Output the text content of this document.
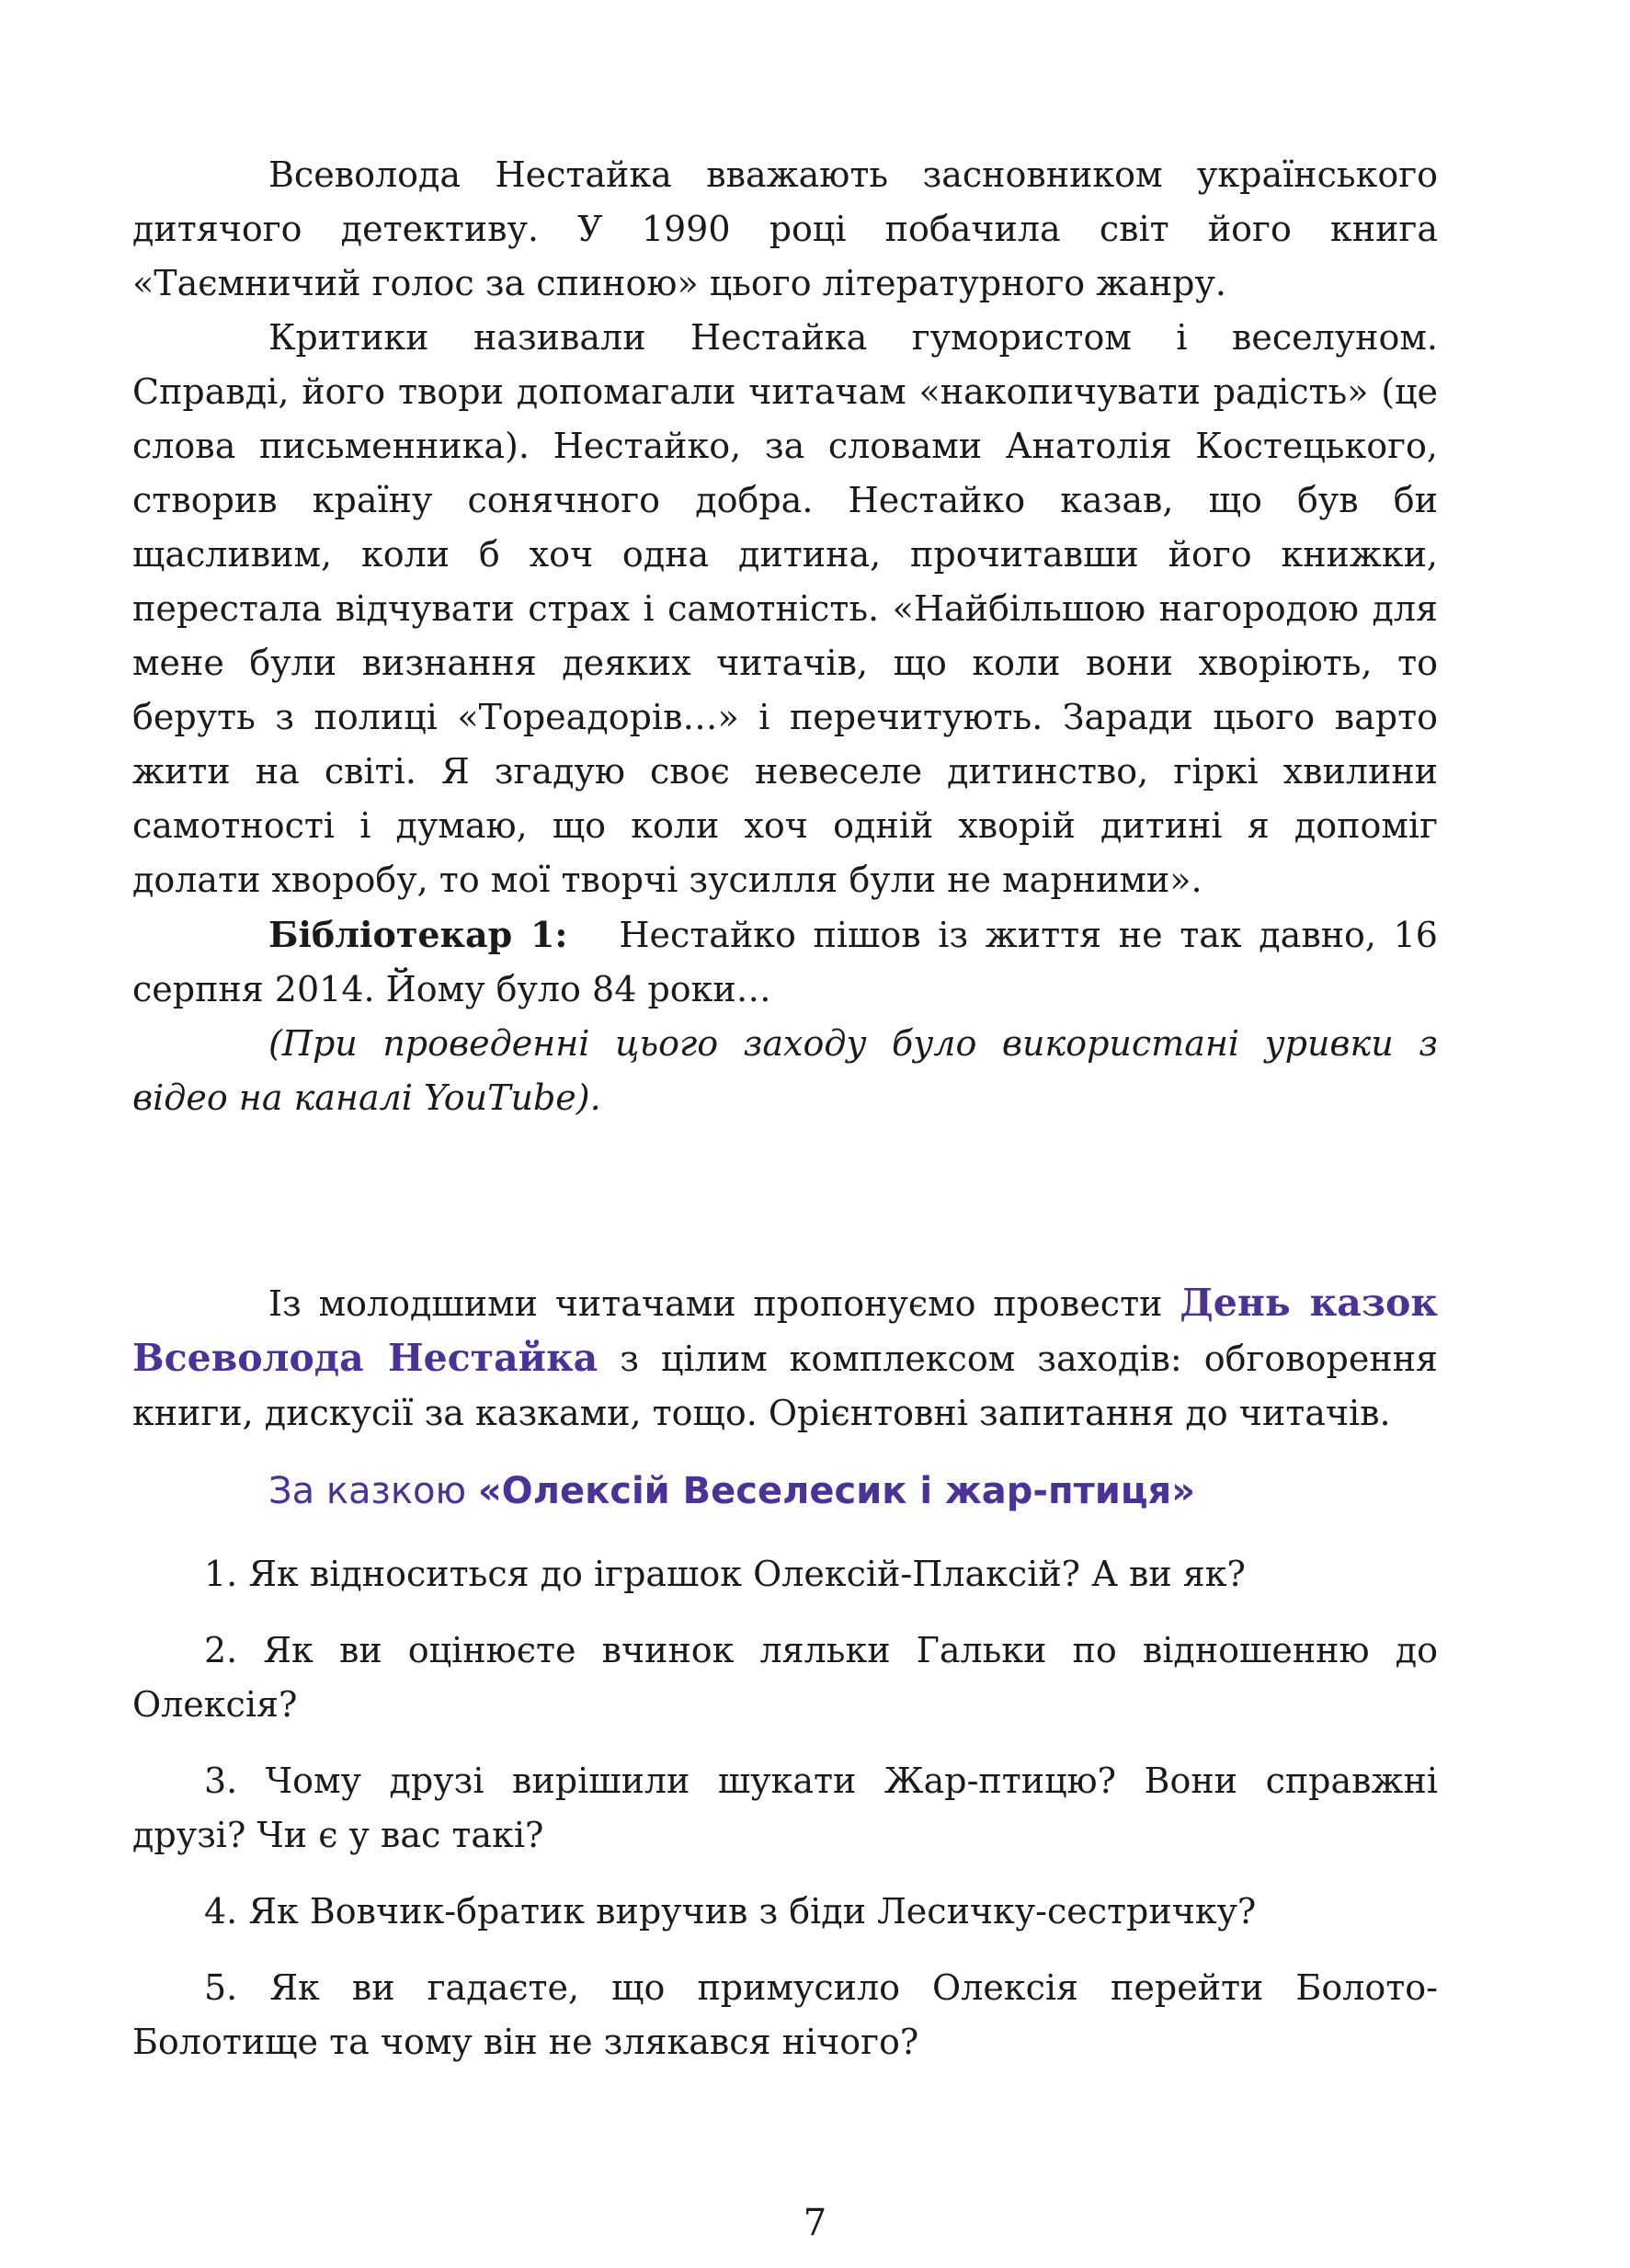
Всеволода Нестайка вважають засновником українського дитячого детективу. У 1990 році побачила світ його книга «Таємничий голос за спиною» цього літературного жанру.

Критики називали Нестайка гумористом і веселуном. Справді, його твори допомагали читачам «накопичувати радість» (це слова письменника). Нестайко, за словами Анатолія Костецького, створив країну сонячного добра. Нестайко казав, що був би щасливим, коли б хоч одна дитина, прочитавши його книжки, перестала відчувати страх і самотність. «Найбільшою нагородою для мене були визнання деяких читачів, що коли вони хворіють, то беруть з полиці «Тореадорів…» і перечитують. Заради цього варто жити на світі. Я згадую своє невеселе дитинство, гіркі хвилини самотності і думаю, що коли хоч одній хворій дитині я допоміг долати хворобу, то мої творчі зусилля були не марними».

Бібліотекар 1: Нестайко пішов із життя не так давно, 16 серпня 2014. Йому було 84 роки…

(При проведенні цього заходу було використані уривки з відео на каналі YouTube).

Із молодшими читачами пропонуємо провести День казок Всеволода Нестайка з цілим комплексом заходів: обговорення книги, дискусії за казками, тощо. Орієнтовні запитання до читачів.

За казкою «Олексій Веселесик і жар-птиця»

1. Як відноситься до іграшок Олексій-Плаксій? А ви як?

2. Як ви оцінюєте вчинок ляльки Гальки по відношенню до Олексія?

3. Чому друзі вирішили шукати Жар-птицю? Вони справжні друзі? Чи є у вас такі?

4. Як Вовчик-братик виручив з біди Лесичку-сестричку?

5. Як ви гадаєте, що примусило Олексія перейти Болото-Болотище та чому він не злякався нічого?

7
